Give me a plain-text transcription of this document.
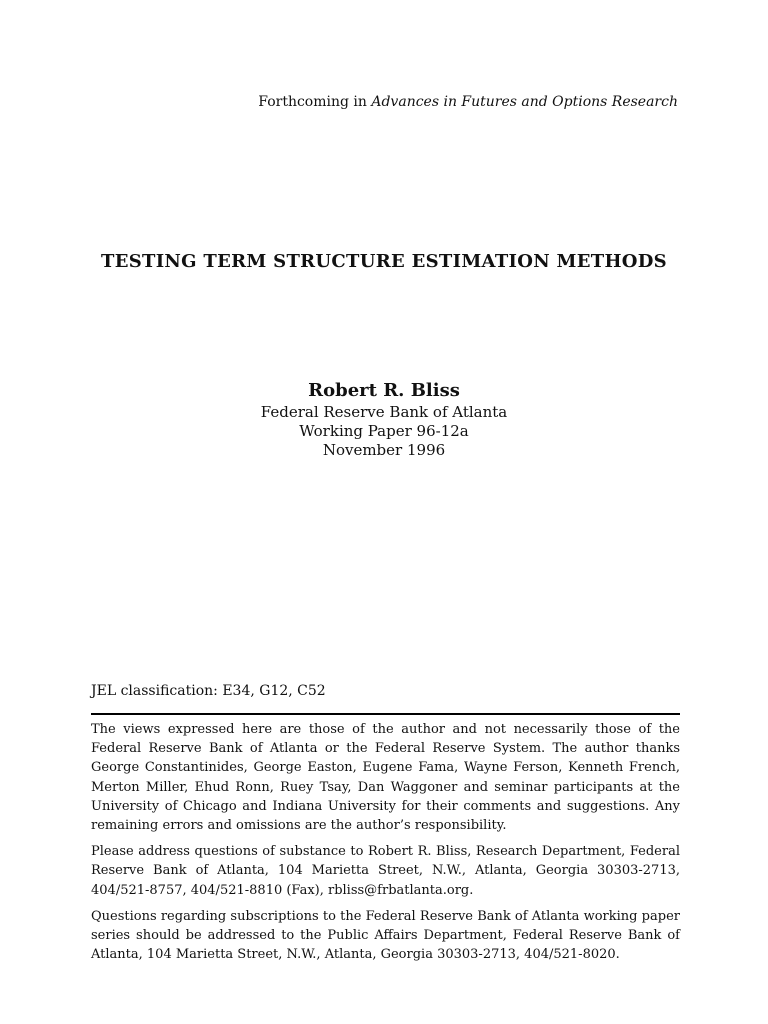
Forthcoming in Advances in Futures and Options Research
TESTING TERM STRUCTURE ESTIMATION METHODS
Robert R. Bliss
Federal Reserve Bank of Atlanta
Working Paper 96-12a
November 1996
JEL classification: E34, G12, C52

The views expressed here are those of the author and not necessarily those of the Federal Reserve Bank of Atlanta or the Federal Reserve System. The author thanks George Constantinides, George Easton, Eugene Fama, Wayne Ferson, Kenneth French, Merton Miller, Ehud Ronn, Ruey Tsay, Dan Waggoner and seminar participants at the University of Chicago and Indiana University for their comments and suggestions. Any remaining errors and omissions are the author’s responsibility.

Please address questions of substance to Robert R. Bliss, Research Department, Federal Reserve Bank of Atlanta, 104 Marietta Street, N.W., Atlanta, Georgia 30303-2713, 404/521-8757, 404/521-8810 (Fax), rbliss@frbatlanta.org.

Questions regarding subscriptions to the Federal Reserve Bank of Atlanta working paper series should be addressed to the Public Affairs Department, Federal Reserve Bank of Atlanta, 104 Marietta Street, N.W., Atlanta, Georgia 30303-2713, 404/521-8020.
